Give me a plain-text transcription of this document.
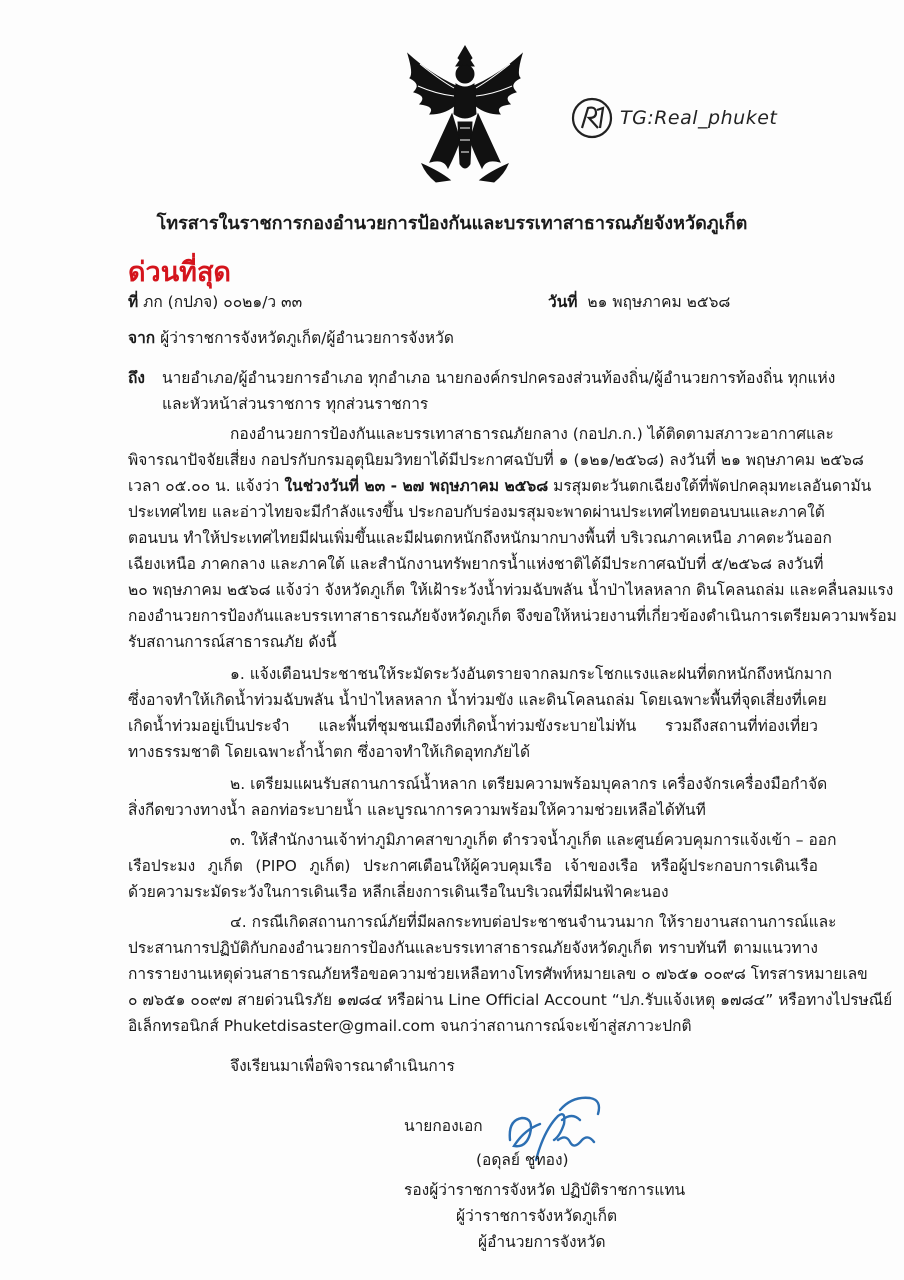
TG:Real_phuket
โทรสารในราชการกองอำนวยการป้องกันและบรรเทาสาธารณภัยจังหวัดภูเก็ต
ด่วนที่สุด
ที่ ภก (กปภจ) ๐๐๒๑/ว ๓๓	วันที่ ๒๑ พฤษภาคม ๒๕๖๘
จาก ผู้ว่าราชการจังหวัดภูเก็ต/ผู้อำนวยการจังหวัด
ถึง นายอำเภอ/ผู้อำนวยการอำเภอ ทุกอำเภอ นายกองค์กรปกครองส่วนท้องถิ่น/ผู้อำนวยการท้องถิ่น ทุกแห่ง
และหัวหน้าส่วนราชการ ทุกส่วนราชการ
กองอำนวยการป้องกันและบรรเทาสาธารณภัยกลาง (กอปภ.ก.) ได้ติดตามสภาวะอากาศและ
พิจารณาปัจจัยเสี่ยง กอปรกับกรมอุตุนิยมวิทยาได้มีประกาศฉบับที่ ๑ (๑๒๑/๒๕๖๘) ลงวันที่ ๒๑ พฤษภาคม ๒๕๖๘
เวลา ๐๕.๐๐ น. แจ้งว่า ในช่วงวันที่ ๒๓ - ๒๗ พฤษภาคม ๒๕๖๘ มรสุมตะวันตกเฉียงใต้ที่พัดปกคลุมทะเลอันดามัน
ประเทศไทย และอ่าวไทยจะมีกำลังแรงขึ้น ประกอบกับร่องมรสุมจะพาดผ่านประเทศไทยตอนบนและภาคใต้
ตอนบน ทำให้ประเทศไทยมีฝนเพิ่มขึ้นและมีฝนตกหนักถึงหนักมากบางพื้นที่ บริเวณภาคเหนือ ภาคตะวันออก
เฉียงเหนือ ภาคกลาง และภาคใต้ และสำนักงานทรัพยากรน้ำแห่งชาติได้มีประกาศฉบับที่ ๕/๒๕๖๘ ลงวันที่
๒๐ พฤษภาคม ๒๕๖๘ แจ้งว่า จังหวัดภูเก็ต ให้เฝ้าระวังน้ำท่วมฉับพลัน น้ำป่าไหลหลาก ดินโคลนถล่ม และคลื่นลมแรง
กองอำนวยการป้องกันและบรรเทาสาธารณภัยจังหวัดภูเก็ต จึงขอให้หน่วยงานที่เกี่ยวข้องดำเนินการเตรียมความพร้อม
รับสถานการณ์สาธารณภัย ดังนี้
๑. แจ้งเตือนประชาชนให้ระมัดระวังอันตรายจากลมกระโชกแรงและฝนที่ตกหนักถึงหนักมาก
ซึ่งอาจทำให้เกิดน้ำท่วมฉับพลัน น้ำป่าไหลหลาก น้ำท่วมขัง และดินโคลนถล่ม โดยเฉพาะพื้นที่จุดเสี่ยงที่เคย
เกิดน้ำท่วมอยู่เป็นประจำ และพื้นที่ชุมชนเมืองที่เกิดน้ำท่วมขังระบายไม่ทัน รวมถึงสถานที่ท่องเที่ยว
ทางธรรมชาติ โดยเฉพาะถ้ำน้ำตก ซึ่งอาจทำให้เกิดอุทกภัยได้
๒. เตรียมแผนรับสถานการณ์น้ำหลาก เตรียมความพร้อมบุคลากร เครื่องจักรเครื่องมือกำจัด
สิ่งกีดขวางทางน้ำ ลอกท่อระบายน้ำ และบูรณาการความพร้อมให้ความช่วยเหลือได้ทันที
๓. ให้สำนักงานเจ้าท่าภูมิภาคสาขาภูเก็ต ตำรวจน้ำภูเก็ต และศูนย์ควบคุมการแจ้งเข้า – ออก
เรือประมง ภูเก็ต (PIPO ภูเก็ต) ประกาศเตือนให้ผู้ควบคุมเรือ เจ้าของเรือ หรือผู้ประกอบการเดินเรือ
ด้วยความระมัดระวังในการเดินเรือ หลีกเลี่ยงการเดินเรือในบริเวณที่มีฝนฟ้าคะนอง
๔. กรณีเกิดสถานการณ์ภัยที่มีผลกระทบต่อประชาชนจำนวนมาก ให้รายงานสถานการณ์และ
ประสานการปฏิบัติกับกองอำนวยการป้องกันและบรรเทาสาธารณภัยจังหวัดภูเก็ต ทราบทันที ตามแนวทาง
การรายงานเหตุด่วนสาธารณภัยหรือขอความช่วยเหลือทางโทรศัพท์หมายเลข ๐ ๗๖๕๑ ๐๐๙๘ โทรสารหมายเลข
๐ ๗๖๕๑ ๐๐๙๗ สายด่วนนิรภัย ๑๗๘๔ หรือผ่าน Line Official Account “ปภ.รับแจ้งเหตุ ๑๗๘๔” หรือทางไปรษณีย์
อิเล็กทรอนิกส์ Phuketdisaster@gmail.com จนกว่าสถานการณ์จะเข้าสู่สภาวะปกติ
จึงเรียนมาเพื่อพิจารณาดำเนินการ
นายกองเอก
(อดุลย์ ชูทอง)
รองผู้ว่าราชการจังหวัด ปฏิบัติราชการแทน
ผู้ว่าราชการจังหวัดภูเก็ต
ผู้อำนวยการจังหวัด
